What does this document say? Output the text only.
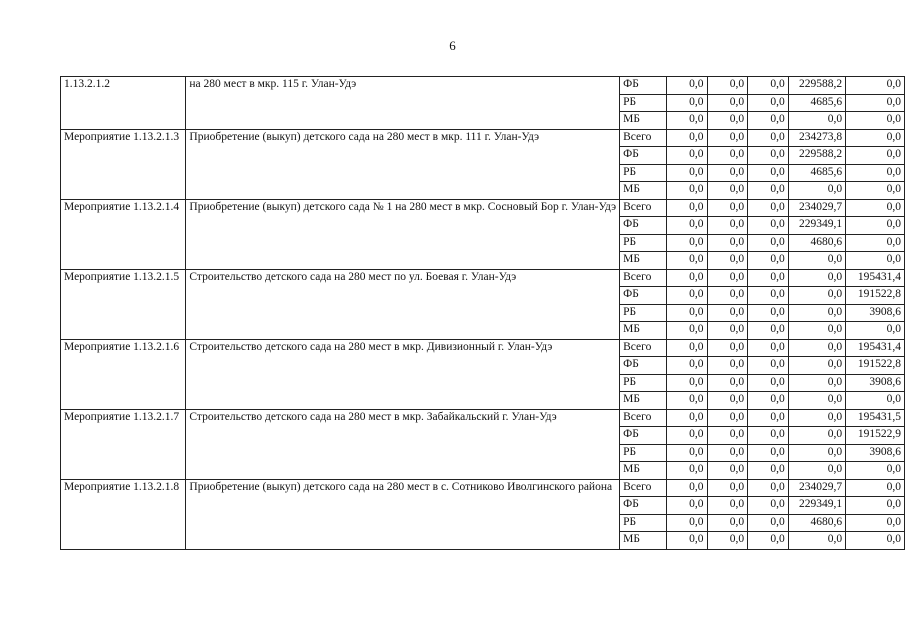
6
1.13.2.1.2	на 280 мест в мкр. 115 г. Улан-Удэ	ФБ	0,0	0,0	0,0	229588,2	0,0
		РБ	0,0	0,0	0,0	4685,6	0,0
		МБ	0,0	0,0	0,0	0,0	0,0
Мероприятие 1.13.2.1.3	Приобретение (выкуп) детского сада на 280 мест в мкр. 111 г. Улан-Удэ	Всего	0,0	0,0	0,0	234273,8	0,0
		ФБ	0,0	0,0	0,0	229588,2	0,0
		РБ	0,0	0,0	0,0	4685,6	0,0
		МБ	0,0	0,0	0,0	0,0	0,0
Мероприятие 1.13.2.1.4	Приобретение (выкуп) детского сада № 1 на 280 мест в мкр. Сосновый Бор г. Улан-Удэ	Всего	0,0	0,0	0,0	234029,7	0,0
		ФБ	0,0	0,0	0,0	229349,1	0,0
		РБ	0,0	0,0	0,0	4680,6	0,0
		МБ	0,0	0,0	0,0	0,0	0,0
Мероприятие 1.13.2.1.5	Строительство детского сада на 280 мест по ул. Боевая г. Улан-Удэ	Всего	0,0	0,0	0,0	0,0	195431,4
		ФБ	0,0	0,0	0,0	0,0	191522,8
		РБ	0,0	0,0	0,0	0,0	3908,6
		МБ	0,0	0,0	0,0	0,0	0,0
Мероприятие 1.13.2.1.6	Строительство детского сада на 280 мест в мкр. Дивизионный г. Улан-Удэ	Всего	0,0	0,0	0,0	0,0	195431,4
		ФБ	0,0	0,0	0,0	0,0	191522,8
		РБ	0,0	0,0	0,0	0,0	3908,6
		МБ	0,0	0,0	0,0	0,0	0,0
Мероприятие 1.13.2.1.7	Строительство детского сада на 280 мест в мкр. Забайкальский г. Улан-Удэ	Всего	0,0	0,0	0,0	0,0	195431,5
		ФБ	0,0	0,0	0,0	0,0	191522,9
		РБ	0,0	0,0	0,0	0,0	3908,6
		МБ	0,0	0,0	0,0	0,0	0,0
Мероприятие 1.13.2.1.8	Приобретение (выкуп) детского сада на 280 мест в с. Сотниково Иволгинского района	Всего	0,0	0,0	0,0	234029,7	0,0
		ФБ	0,0	0,0	0,0	229349,1	0,0
		РБ	0,0	0,0	0,0	4680,6	0,0
		МБ	0,0	0,0	0,0	0,0	0,0
